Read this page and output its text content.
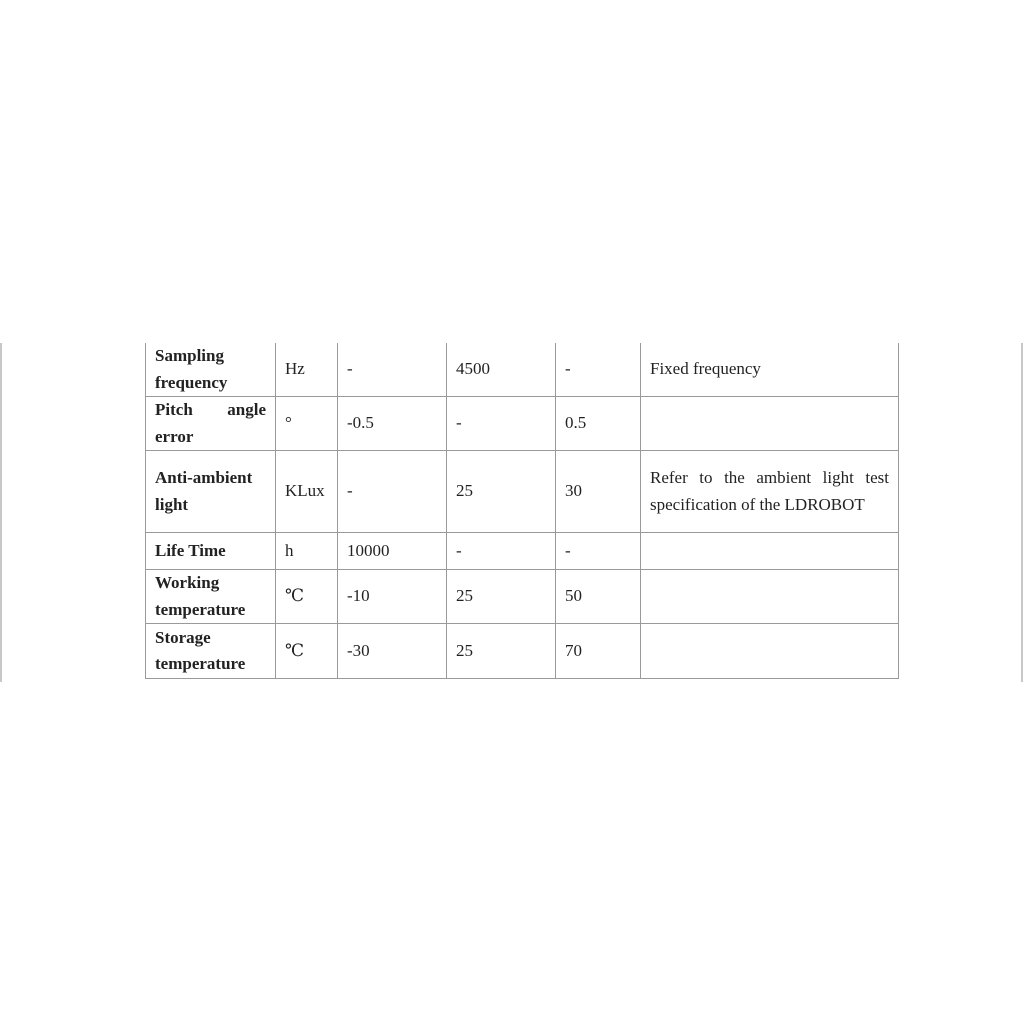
Sampling frequency	Hz	-	4500	-	Fixed frequency
Pitch angle error	°	-0.5	-	0.5	
Anti-ambient light	KLux	-	25	30	Refer to the ambient light test specification of the LDROBOT
Life Time	h	10000	-	-	
Working temperature	℃	-10	25	50	
Storage temperature	℃	-30	25	70	
